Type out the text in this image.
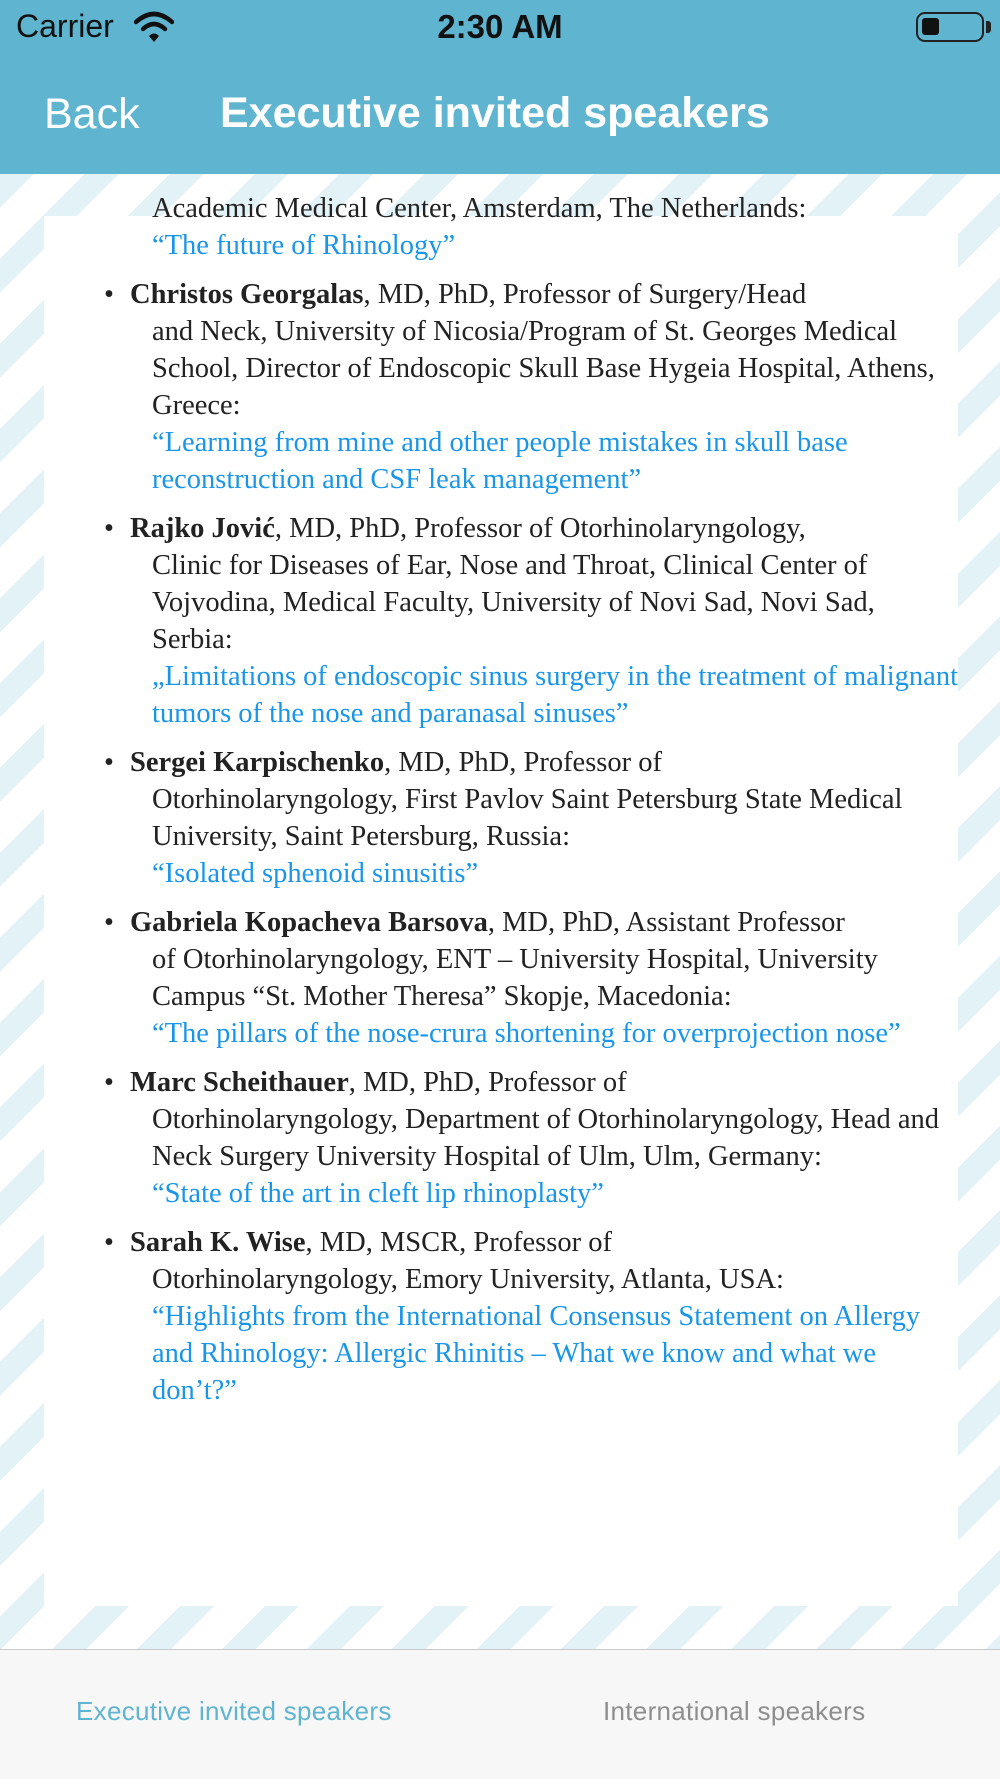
Carrier	2:30 AM
Back Executive invited speakers
Academic Medical Center, Amsterdam, The Netherlands:
“The future of Rhinology”
• Christos Georgalas, MD, PhD, Professor of Surgery/Head
and Neck, University of Nicosia/Program of St. Georges Medical School, Director of Endoscopic Skull Base Hygeia Hospital, Athens, Greece:
“Learning from mine and other people mistakes in skull base reconstruction and CSF leak management”
• Rajko Jović, MD, PhD, Professor of Otorhinolaryngology,
Clinic for Diseases of Ear, Nose and Throat, Clinical Center of Vojvodina, Medical Faculty, University of Novi Sad, Novi Sad, Serbia:
„Limitations of endoscopic sinus surgery in the treatment of malignant tumors of the nose and paranasal sinuses”
• Sergei Karpischenko, MD, PhD, Professor of
Otorhinolaryngology, First Pavlov Saint Petersburg State Medical University, Saint Petersburg, Russia:
“Isolated sphenoid sinusitis”
• Gabriela Kopacheva Barsova, MD, PhD, Assistant Professor
of Otorhinolaryngology, ENT – University Hospital, University Campus “St. Mother Theresa” Skopje, Macedonia:
“The pillars of the nose-crura shortening for overprojection nose”
• Marc Scheithauer, MD, PhD, Professor of
Otorhinolaryngology, Department of Otorhinolaryngology, Head and Neck Surgery University Hospital of Ulm, Ulm, Germany:
“State of the art in cleft lip rhinoplasty”
• Sarah K. Wise, MD, MSCR, Professor of
Otorhinolaryngology, Emory University, Atlanta, USA:
“Highlights from the International Consensus Statement on Allergy and Rhinology: Allergic Rhinitis – What we know and what we don’t?”
Executive invited speakers	International speakers
